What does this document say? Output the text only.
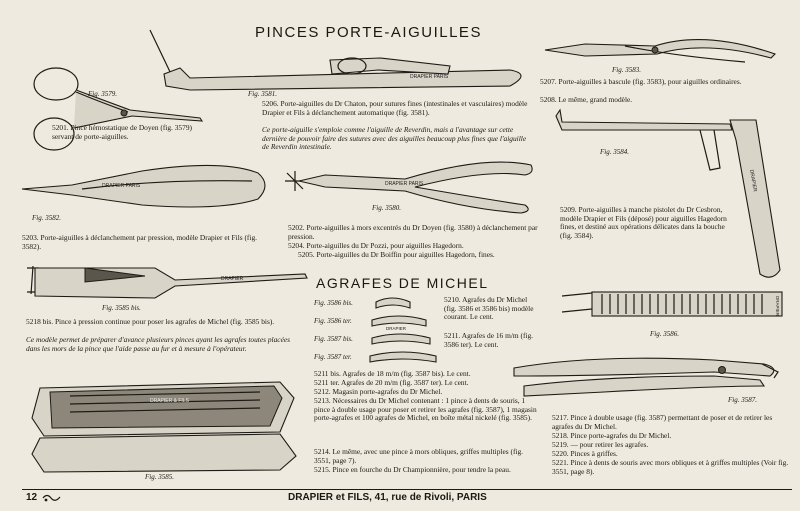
PINCES PORTE-AIGUILLES
Fig. 3579.
5201. Pince hémostatique de Doyen (fig. 3579) servant de porte-aiguilles.
DRAPIER PARIS
Fig. 3581.
5206. Porte-aiguilles du Dr Chaton, pour sutures fines (intestinales et vasculaires) modèle Drapier et Fils à déclanchement automatique (fig. 3581).
Ce porte-aiguille s'emploie comme l'aiguille de Reverdin, mais a l'avantage sur cette dernière de pouvoir faire des sutures avec des aiguilles beaucoup plus fines que l'aiguille de Reverdin intestinale.
Fig. 3583.
5207. Porte-aiguilles à bascule (fig. 3583), pour aiguilles ordinaires.
5208. Le même, grand modèle.
DRAPIER
Fig. 3584.
5209. Porte-aiguilles à manche pistolet du Dr Cesbron, modèle Drapier et Fils (déposé) pour aiguilles Hagedorn fines, et destiné aux opérations délicates dans la bouche (fig. 3584).
DRAPIER PARIS
Fig. 3582.
5203. Porte-aiguilles à déclanchement par pression, modèle Drapier et Fils (fig. 3582).
DRAPIER PARIS
Fig. 3580.
5202. Porte-aiguilles à mors excentrés du Dr Doyen (fig. 3580) à déclanchement par pression.
5204. Porte-aiguilles du Dr Pozzi, pour aiguilles Hagedorn.
5205. Porte-aiguilles du Dr Boiffin pour aiguilles Hagedorn, fines.
DRAPIER
Fig. 3585 bis.
5218 bis. Pince à pression continue pour poser les agrafes de Michel (fig. 3585 bis).
Ce modèle permet de préparer d'avance plusieurs pinces ayant les agrafes toutes placées dans les mors de la pince que l'aide passe au fur et à mesure à l'opérateur.
DRAPIER & FILS
Fig. 3585.
AGRAFES DE MICHEL
Fig. 3586 bis.
Fig. 3586 ter.
Fig. 3587 bis.
Fig. 3587 ter.
DRAPIER
5210. Agrafes du Dr Michel (fig. 3586 et 3586 bis) modèle courant. Le cent.
5211. Agrafes de 16 m/m (fig. 3586 ter). Le cent.
5211 bis. Agrafes de 18 m/m (fig. 3587 bis). Le cent.
5211 ter. Agrafes de 20 m/m (fig. 3587 ter). Le cent.
5212. Magasin porte-agrafes du Dr Michel.
5213. Nécessaires du Dr Michel contenant : 1 pince à dents de souris, 1 pince à double usage pour poser et retirer les agrafes (fig. 3587), 1 magasin porte-agrafes et 100 agrafes de Michel, en boîte métal nickelé (fig. 3585).
5214. Le même, avec une pince à mors obliques, griffes multiples (fig. 3551, page 7).
5215. Pince en fourche du Dr Championnière, pour tendre la peau.
DRAPIER
Fig. 3586.
Fig. 3587.
5217. Pince à double usage (fig. 3587) permettant de poser et de retirer les agrafes du Dr Michel.
5218. Pince porte-agrafes du Dr Michel.
5219. — pour retirer les agrafes.
5220. Pinces à griffes.
5221. Pince à dents de souris avec mors obliques et à griffes multiples (Voir fig. 3551, page 8).
12	DRAPIER et FILS, 41, rue de Rivoli, PARIS
